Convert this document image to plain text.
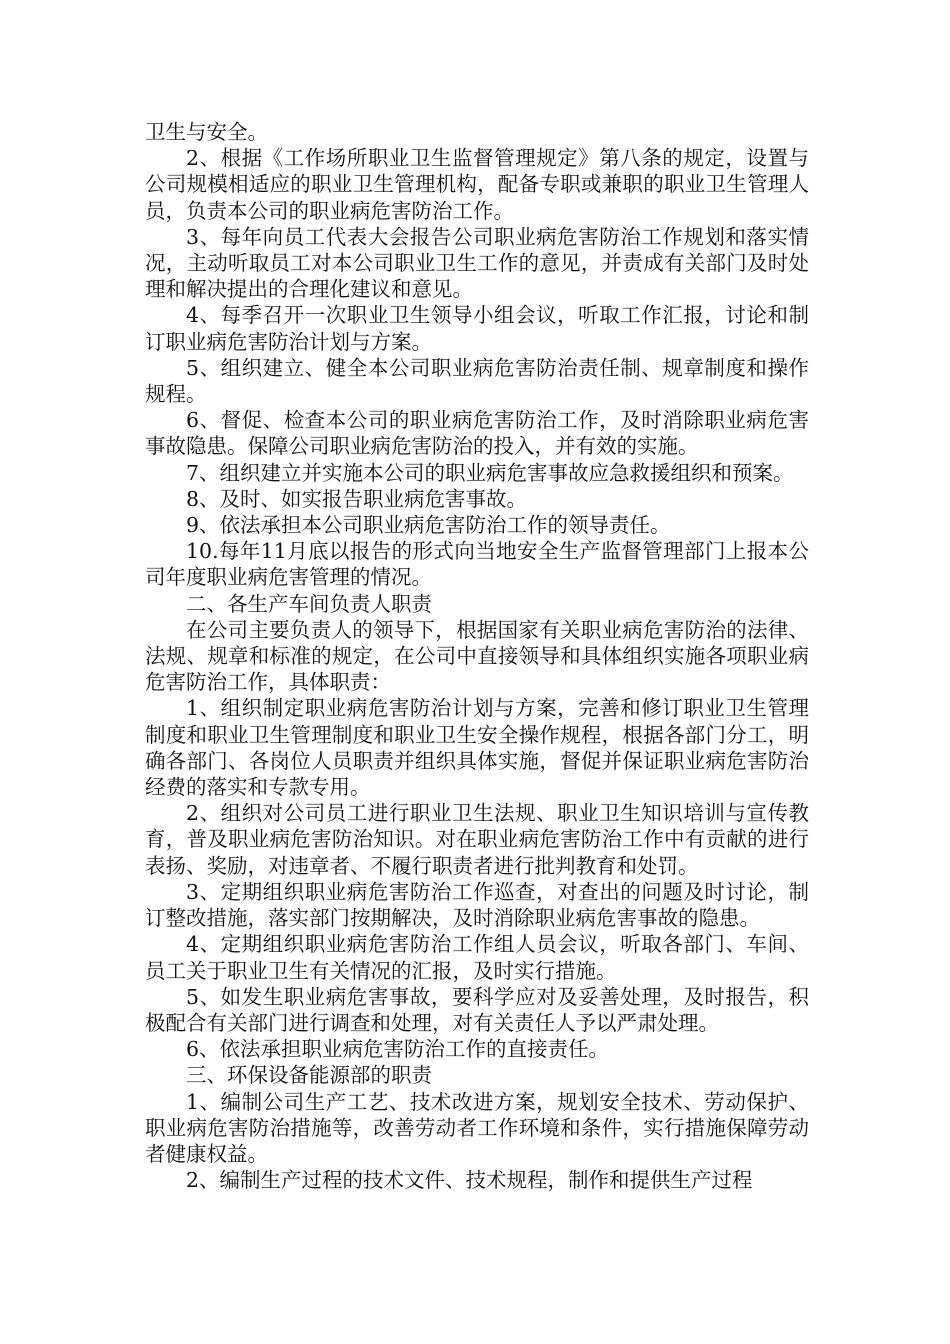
卫生与安全。

2、根据《工作场所职业卫生监督管理规定》第八条的规定，设置与公司规模相适应的职业卫生管理机构，配备专职或兼职的职业卫生管理人员，负责本公司的职业病危害防治工作。

3、每年向员工代表大会报告公司职业病危害防治工作规划和落实情况，主动听取员工对本公司职业卫生工作的意见，并责成有关部门及时处理和解决提出的合理化建议和意见。

4、每季召开一次职业卫生领导小组会议，听取工作汇报，讨论和制订职业病危害防治计划与方案。

5、组织建立、健全本公司职业病危害防治责任制、规章制度和操作规程。

6、督促、检查本公司的职业病危害防治工作，及时消除职业病危害事故隐患。保障公司职业病危害防治的投入，并有效的实施。

7、组织建立并实施本公司的职业病危害事故应急救援组织和预案。

8、及时、如实报告职业病危害事故。

9、依法承担本公司职业病危害防治工作的领导责任。

10.每年11月底以报告的形式向当地安全生产监督管理部门上报本公司年度职业病危害管理的情况。

二、各生产车间负责人职责

在公司主要负责人的领导下，根据国家有关职业病危害防治的法律、法规、规章和标准的规定，在公司中直接领导和具体组织实施各项职业病危害防治工作，具体职责：

1、组织制定职业病危害防治计划与方案，完善和修订职业卫生管理制度和职业卫生管理制度和职业卫生安全操作规程，根据各部门分工，明确各部门、各岗位人员职责并组织具体实施，督促并保证职业病危害防治经费的落实和专款专用。

2、组织对公司员工进行职业卫生法规、职业卫生知识培训与宣传教育，普及职业病危害防治知识。对在职业病危害防治工作中有贡献的进行表扬、奖励，对违章者、不履行职责者进行批判教育和处罚。

3、定期组织职业病危害防治工作巡查，对查出的问题及时讨论，制订整改措施，落实部门按期解决，及时消除职业病危害事故的隐患。

4、定期组织职业病危害防治工作组人员会议，听取各部门、车间、员工关于职业卫生有关情况的汇报，及时实行措施。

5、如发生职业病危害事故，要科学应对及妥善处理，及时报告，积极配合有关部门进行调查和处理，对有关责任人予以严肃处理。

6、依法承担职业病危害防治工作的直接责任。

三、环保设备能源部的职责

1、编制公司生产工艺、技术改进方案，规划安全技术、劳动保护、职业病危害防治措施等，改善劳动者工作环境和条件，实行措施保障劳动者健康权益。

2、编制生产过程的技术文件、技术规程，制作和提供生产过程
